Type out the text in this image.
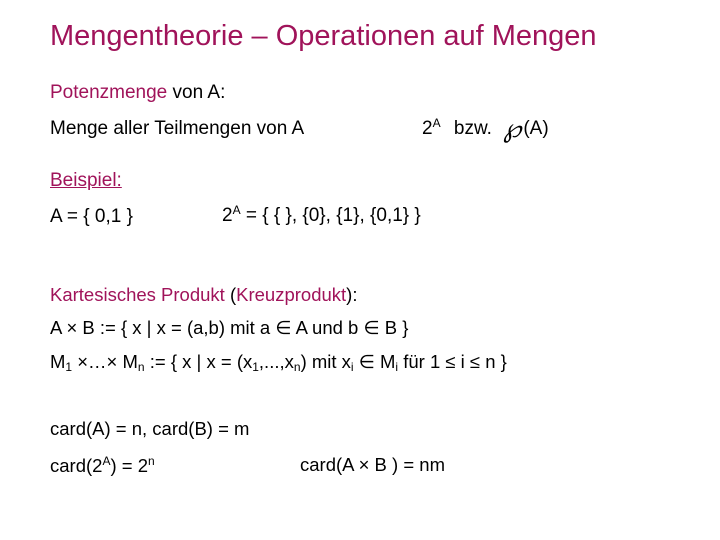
Mengentheorie – Operationen auf Mengen
Potenzmenge von A:
Menge aller Teilmengen von A	$2^A$ bzw. ℘ (A)
Beispiel:
A = { 0,1 }	$2^A$ = { { }, {0}, {1}, {0,1} }
Kartesisches Produkt (Kreuzprodukt):
A × B := { x | x = (a,b) mit a ∈ A und b ∈ B }
$M_1$ ×…× $M_n$ := { x | $x = (x_1,...,x_n)$ mit $x_i$ ∈ $M_i$ für 1 ≤ i ≤ n }
card(A) = n, card(B) = m
$card(2^A) = 2^n$	card(A × B ) = nm
